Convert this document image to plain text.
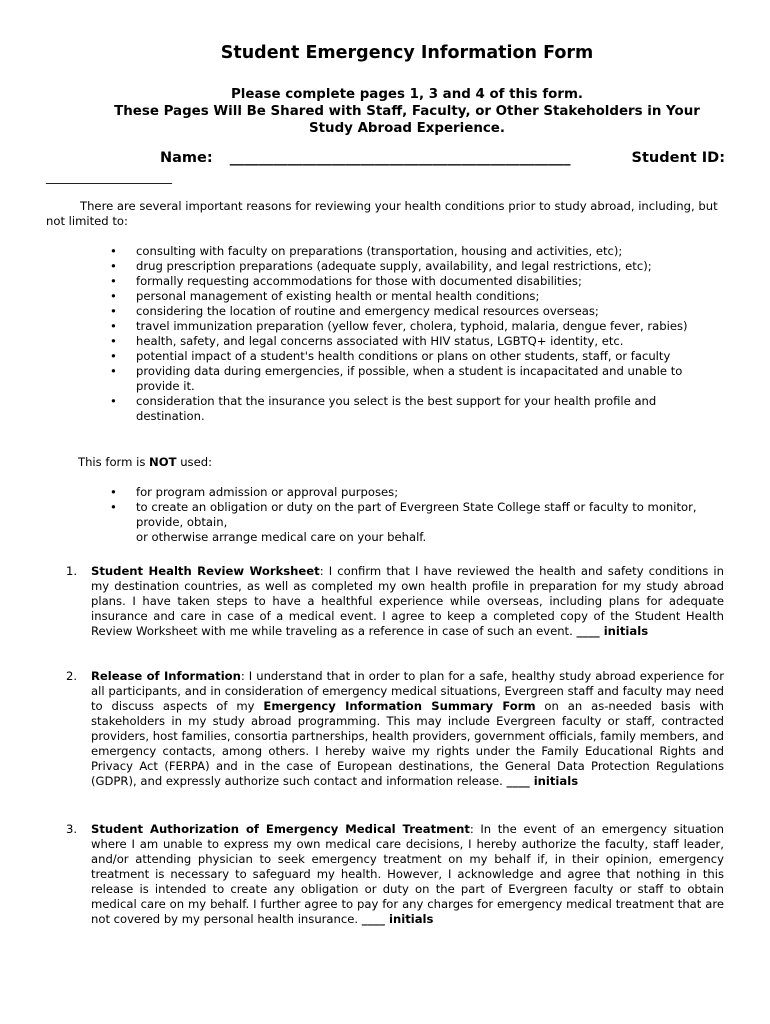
Student Emergency Information Form
Please complete pages 1, 3 and 4 of this form.
These Pages Will Be Shared with Staff, Faculty, or Other Stakeholders in Your
Study Abroad Experience.
Name: _______________________________________________	Student ID:
_____________________
There are several important reasons for reviewing your health conditions prior to study abroad, including, but not limited to:
• consulting with faculty on preparations (transportation, housing and activities, etc);
• drug prescription preparations (adequate supply, availability, and legal restrictions, etc);
• formally requesting accommodations for those with documented disabilities;
• personal management of existing health or mental health conditions;
• considering the location of routine and emergency medical resources overseas;
• travel immunization preparation (yellow fever, cholera, typhoid, malaria, dengue fever, rabies)
• health, safety, and legal concerns associated with HIV status, LGBTQ+ identity, etc.
• potential impact of a student's health conditions or plans on other students, staff, or faculty
• providing data during emergencies, if possible, when a student is incapacitated and unable to provide it.
• consideration that the insurance you select is the best support for your health profile and destination.
This form is NOT used:
• for program admission or approval purposes;
• to create an obligation or duty on the part of Evergreen State College staff or faculty to monitor, provide, obtain,
or otherwise arrange medical care on your behalf.
1. Student Health Review Worksheet: I confirm that I have reviewed the health and safety conditions in my destination countries, as well as completed my own health profile in preparation for my study abroad plans. I have taken steps to have a healthful experience while overseas, including plans for adequate insurance and care in case of a medical event. I agree to keep a completed copy of the Student Health Review Worksheet with me while traveling as a reference in case of such an event. ____ initials
2. Release of Information: I understand that in order to plan for a safe, healthy study abroad experience for all participants, and in consideration of emergency medical situations, Evergreen staff and faculty may need to discuss aspects of my Emergency Information Summary Form on an as-needed basis with stakeholders in my study abroad programming. This may include Evergreen faculty or staff, contracted providers, host families, consortia partnerships, health providers, government officials, family members, and emergency contacts, among others. I hereby waive my rights under the Family Educational Rights and Privacy Act (FERPA) and in the case of European destinations, the General Data Protection Regulations (GDPR), and expressly authorize such contact and information release. ____ initials
3. Student Authorization of Emergency Medical Treatment: In the event of an emergency situation where I am unable to express my own medical care decisions, I hereby authorize the faculty, staff leader, and/or attending physician to seek emergency treatment on my behalf if, in their opinion, emergency treatment is necessary to safeguard my health. However, I acknowledge and agree that nothing in this release is intended to create any obligation or duty on the part of Evergreen faculty or staff to obtain medical care on my behalf. I further agree to pay for any charges for emergency medical treatment that are not covered by my personal health insurance. ____ initials
